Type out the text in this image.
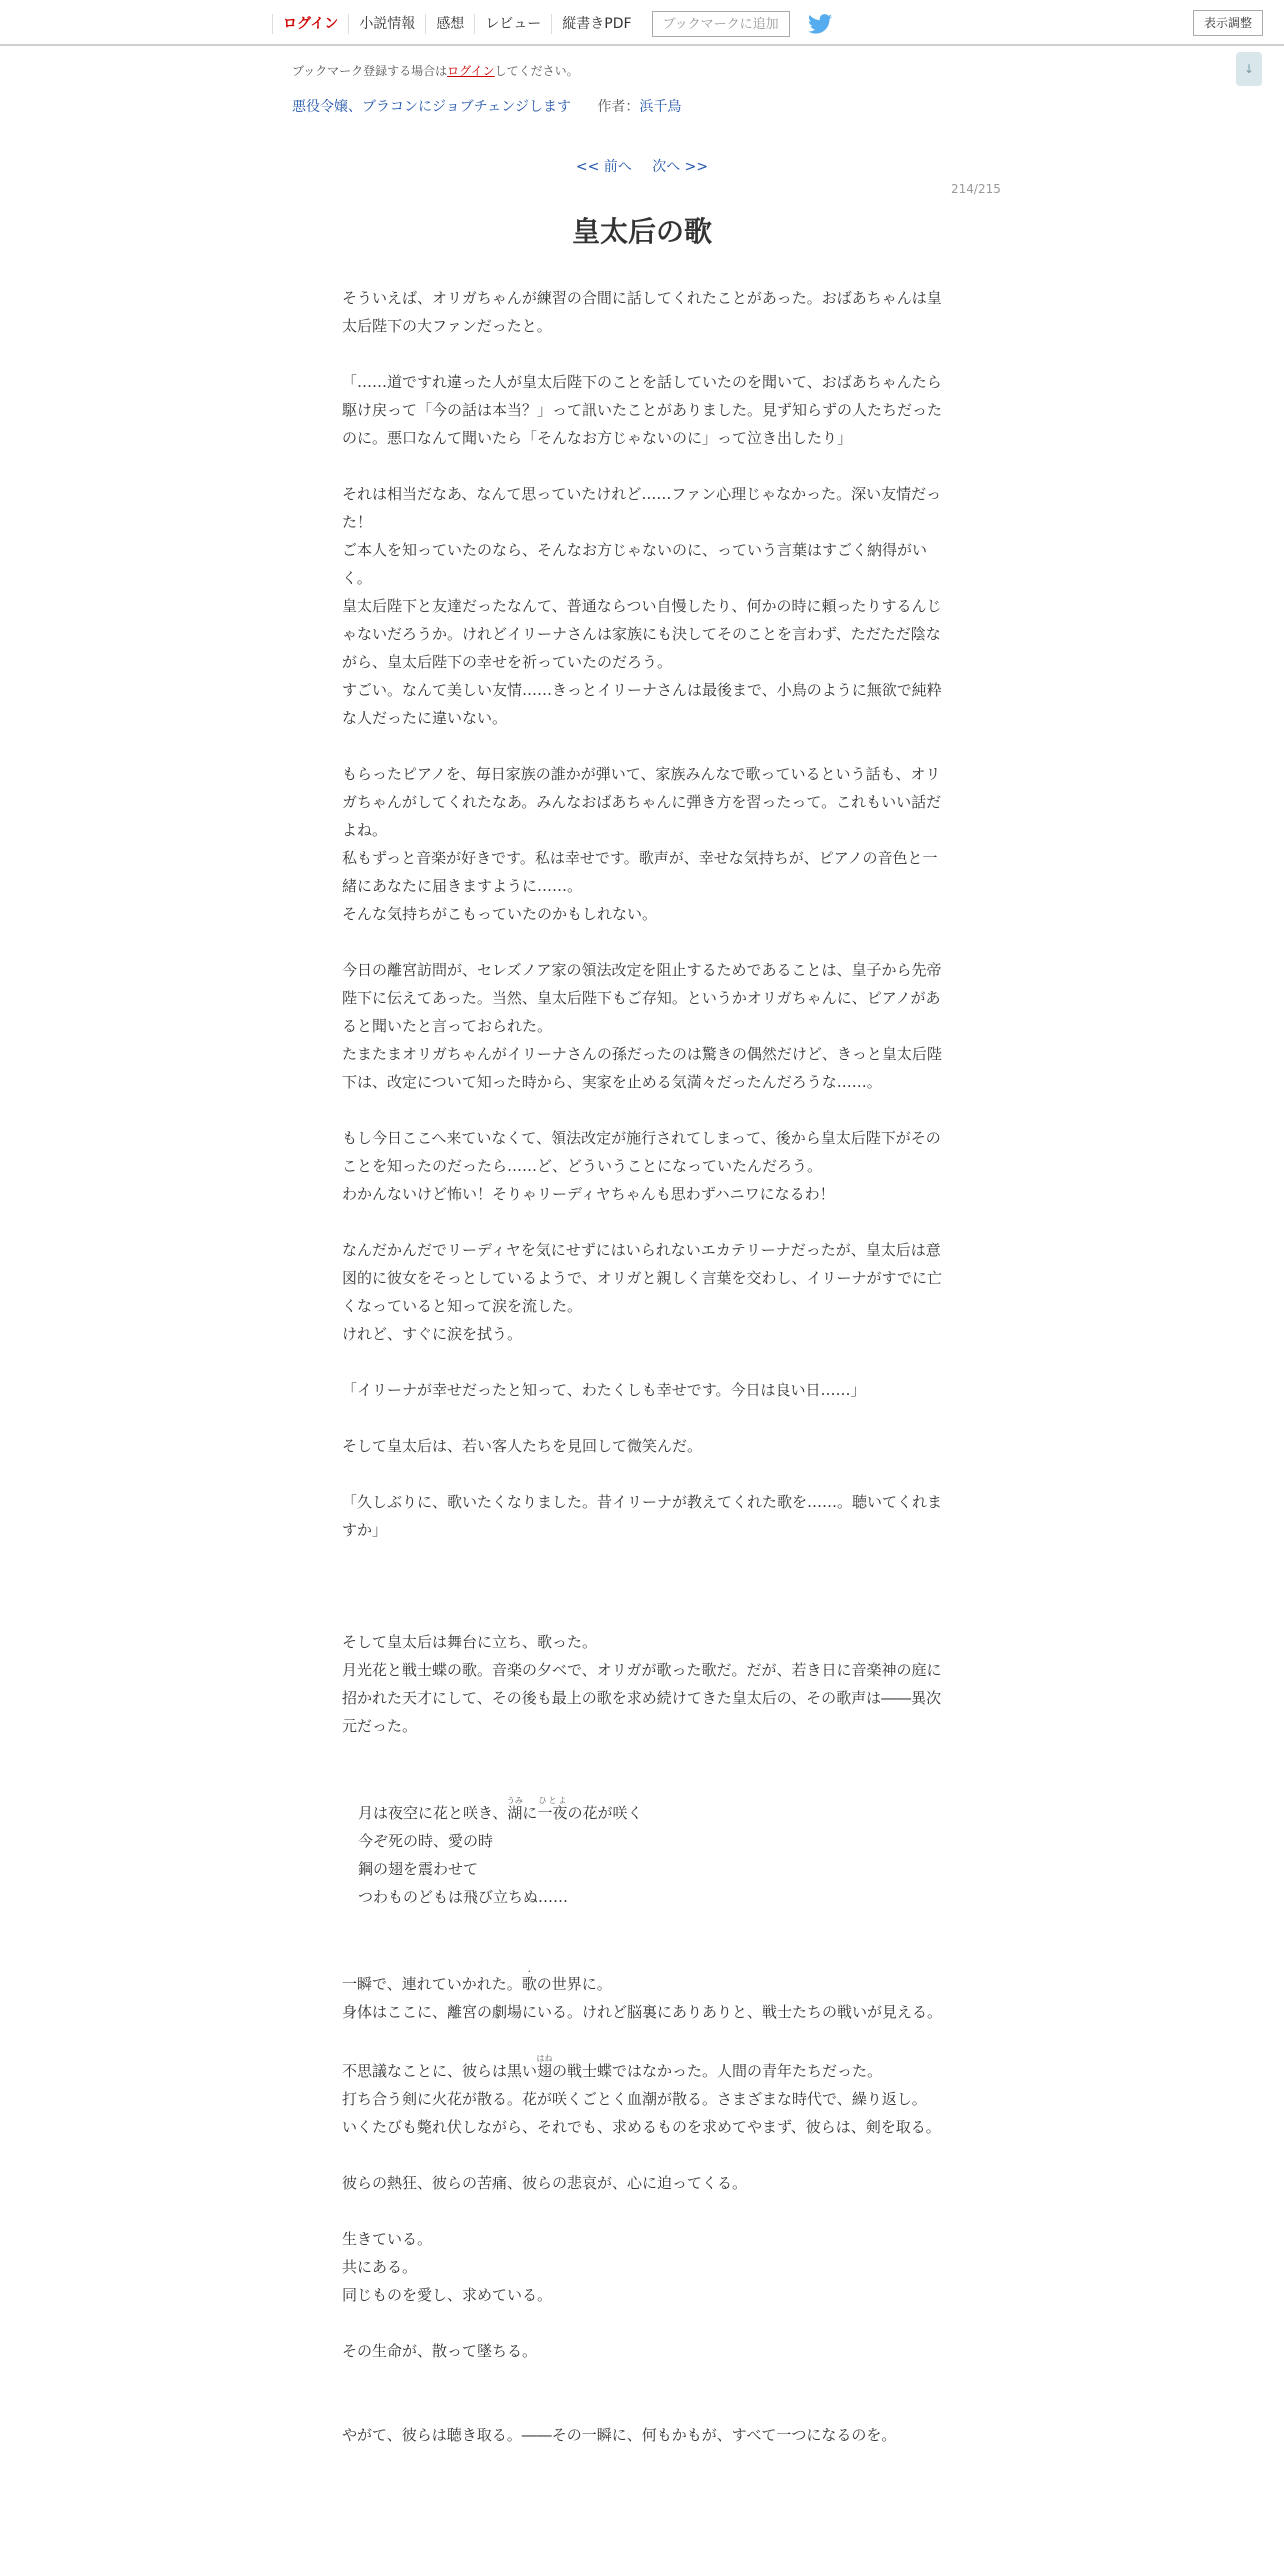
ログイン	小説情報	感想	レビュー	縦書きPDF	ブックマークに追加	表示調整
↓
ブックマーク登録する場合はログインしてください。
悪役令嬢、ブラコンにジョブチェンジします 作者：浜千鳥
<< 前へ 次へ >>
214/215
皇太后の歌

そういえば、オリガちゃんが練習の合間に話してくれたことがあった。おばあちゃんは皇太后陛下の大ファンだったと。

「……道ですれ違った人が皇太后陛下のことを話していたのを聞いて、おばあちゃんたら駆け戻って「今の話は本当？」って訊いたことがありました。見ず知らずの人たちだったのに。悪口なんて聞いたら「そんなお方じゃないのに」って泣き出したり」

それは相当だなあ、なんて思っていたけれど……ファン心理じゃなかった。深い友情だった！

ご本人を知っていたのなら、そんなお方じゃないのに、っていう言葉はすごく納得がいく。

皇太后陛下と友達だったなんて、普通ならつい自慢したり、何かの時に頼ったりするんじゃないだろうか。けれどイリーナさんは家族にも決してそのことを言わず、ただただ陰ながら、皇太后陛下の幸せを祈っていたのだろう。

すごい。なんて美しい友情……きっとイリーナさんは最後まで、小鳥のように無欲で純粋な人だったに違いない。

もらったピアノを、毎日家族の誰かが弾いて、家族みんなで歌っているという話も、オリガちゃんがしてくれたなあ。みんなおばあちゃんに弾き方を習ったって。これもいい話だよね。

私もずっと音楽が好きです。私は幸せです。歌声が、幸せな気持ちが、ピアノの音色と一緒にあなたに届きますように……。

そんな気持ちがこもっていたのかもしれない。

今日の離宮訪問が、セレズノア家の領法改定を阻止するためであることは、皇子から先帝陛下に伝えてあった。当然、皇太后陛下もご存知。というかオリガちゃんに、ピアノがあると聞いたと言っておられた。

たまたまオリガちゃんがイリーナさんの孫だったのは驚きの偶然だけど、きっと皇太后陛下は、改定について知った時から、実家を止める気満々だったんだろうな……。

もし今日ここへ来ていなくて、領法改定が施行されてしまって、後から皇太后陛下がそのことを知ったのだったら……ど、どういうことになっていたんだろう。

わかんないけど怖い！そりゃリーディヤちゃんも思わずハニワになるわ！

なんだかんだでリーディヤを気にせずにはいられないエカテリーナだったが、皇太后は意図的に彼女をそっとしているようで、オリガと親しく言葉を交わし、イリーナがすでに亡くなっていると知って涙を流した。

けれど、すぐに涙を拭う。

「イリーナが幸せだったと知って、わたくしも幸せです。今日は良い日……」

そして皇太后は、若い客人たちを見回して微笑んだ。

「久しぶりに、歌いたくなりました。昔イリーナが教えてくれた歌を……。聴いてくれますか」

そして皇太后は舞台に立ち、歌った。

月光花と戦士蝶の歌。音楽の夕べで、オリガが歌った歌だ。だが、若き日に音楽神の庭に招かれた天才にして、その後も最上の歌を求め続けてきた皇太后の、その歌声は――異次元だった。

月は夜空に花と咲き、湖うみに一夜ひとよの花が咲く

今ぞ死の時、愛の時

鋼の翅を震わせて

つわものどもは飛び立ちぬ……

一瞬で、連れていかれた。歌・の世界に。

身体はここに、離宮の劇場にいる。けれど脳裏にありありと、戦士たちの戦いが見える。

不思議なことに、彼らは黒い翅はねの戦士蝶ではなかった。人間の青年たちだった。

打ち合う剣に火花が散る。花が咲くごとく血潮が散る。さまざまな時代で、繰り返し。

いくたびも斃れ伏しながら、それでも、求めるものを求めてやまず、彼らは、剣を取る。

彼らの熱狂、彼らの苦痛、彼らの悲哀が、心に迫ってくる。

生きている。

共にある。

同じものを愛し、求めている。

その生命が、散って墜ちる。

やがて、彼らは聴き取る。――その一瞬に、何もかもが、すべて一つになるのを。
